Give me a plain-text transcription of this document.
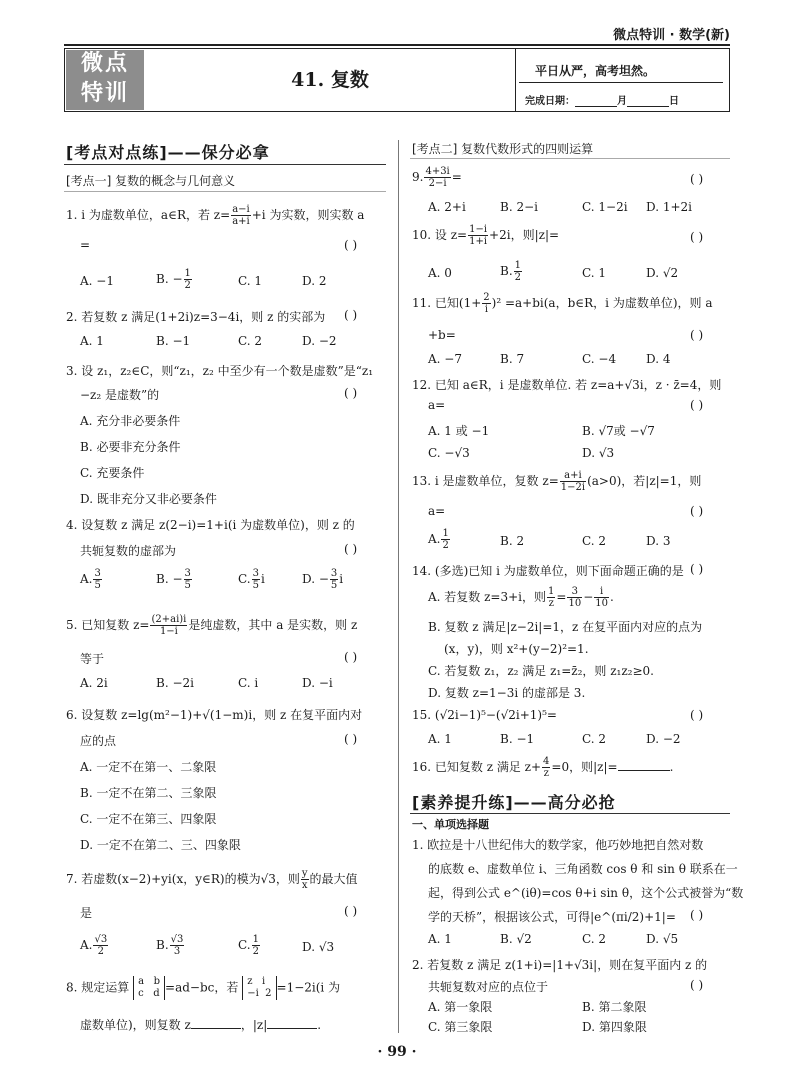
微点特训 · 数学(新)
微点
特训
41. 复数	平日从严，高考坦然。
完成日期：	月	日
[考点对点练]——保分必拿
[考点一] 复数的概念与几何意义
1. i 为虚数单位，a∈R，若 $z= \frac{a-i}{a+i} +i$ 为实数，则实数 a
=	( )
A. −1	B. − $\frac{1}{2}$	C. 1	D. 2
2. 若复数 z 满足(1+2i)z=3−4i，则 z 的实部为 ( )
A. 1	B. −1	C. 2	D. −2
3. 设 z₁，z₂∈C，则“z₁，z₂ 中至少有一个数是虚数”是“z₁
−z₂ 是虚数”的	( )
A. 充分非必要条件
B. 必要非充分条件
C. 充要条件
D. 既非充分又非必要条件
4. 设复数 z 满足 z(2−i)=1+i(i 为虚数单位)，则 z 的
共轭复数的虚部为	( )
A. $\frac{3}{5}$	B. − $\frac{3}{5}$	C. $\frac{3}{5}$ i	D. − $\frac{3}{5}$ i
5. 已知复数 $z= \frac{(2+ai)i}{1-i}$ 是纯虚数，其中 a 是实数，则 z
等于	( )
A. 2i	B. −2i	C. i	D. −i
6. 设复数 z=lg(m²−1)+√(1−m)i，则 z 在复平面内对
应的点	( )
A. 一定不在第一、二象限
B. 一定不在第二、三象限
C. 一定不在第三、四象限
D. 一定不在第二、三、四象限
7. 若虚数(x−2)+yi(x，y∈R)的模为√3，则 $\frac{y}{x}$ 的最大值
是	( )
A. $\frac{√3}{2}$	B. $\frac{√3}{3}$	C. $\frac{1}{2}$	D. √3
8. 规定运算 a b
c d =ad−bc，若 z i
−i 2 =1−2i(i 为
虚数单位)，则复数 z	，|z|	.
[考点二] 复数代数形式的四则运算
9. $\frac{4+3i}{2-i}$ =	( )
A. 2+i	B. 2−i	C. 1−2i D. 1+2i
10. 设 $z= \frac{1-i}{1+i} +2i$，则|z|=	( )
A. 0	B. $\frac{1}{2}$	C. 1	D. √2
11. 已知$(1+ \frac{2}{i} )^2 =a+bi(a$，b∈R，i 为虚数单位)，则 a
+b=	( )
A. −7	B. 7	C. −4 D. 4
12. 已知 a∈R，i 是虚数单位. 若 z=a+√3i，z · z̄=4，则
a=	( )
A. 1 或 −1	B. √7或 −√7
C. −√3	D. √3
13. i 是虚数单位，复数 $z= \frac{a+i}{1-2i} (a>0)$，若|z|=1，则
a=	( )
A. $\frac{1}{2}$	B. 2	C. 2	D. 3
14. (多选)已知 i 为虚数单位，则下面命题正确的是 ( )
A. 若复数 z=3+i，则 $\frac{1}{z} = \frac{3}{10} - \frac{i}{10}$ .
B. 复数 z 满足|z−2i|=1，z 在复平面内对应的点为
(x，y)，则 x²+(y−2)²=1.
C. 若复数 z₁，z₂ 满足 z₁=z̄₂，则 z₁z₂≥0.
D. 复数 z=1−3i 的虚部是 3.
15. (√2i−1)⁵−(√2i+1)⁵=	( )
A. 1	B. −1	C. 2	D. −2
16. 已知复数 z 满足 $z+ \frac{4}{z} =0$，则|z|=	.
[素养提升练]——高分必抢
一、单项选择题
1. 欧拉是十八世纪伟大的数学家，他巧妙地把自然对数
的底数 e、虚数单位 i、三角函数 cos θ 和 sin θ 联系在一
起，得到公式 e^(iθ)=cos θ+i sin θ，这个公式被誉为“数
学的天桥”，根据该公式，可得|e^(πi/2)+1|= ( )
A. 1	B. √2	C. 2	D. √5
2. 若复数 z 满足 z(1+i)=|1+√3i|，则在复平面内 z 的
共轭复数对应的点位于	( )
A. 第一象限	B. 第二象限
C. 第三象限	D. 第四象限
· 99 ·
